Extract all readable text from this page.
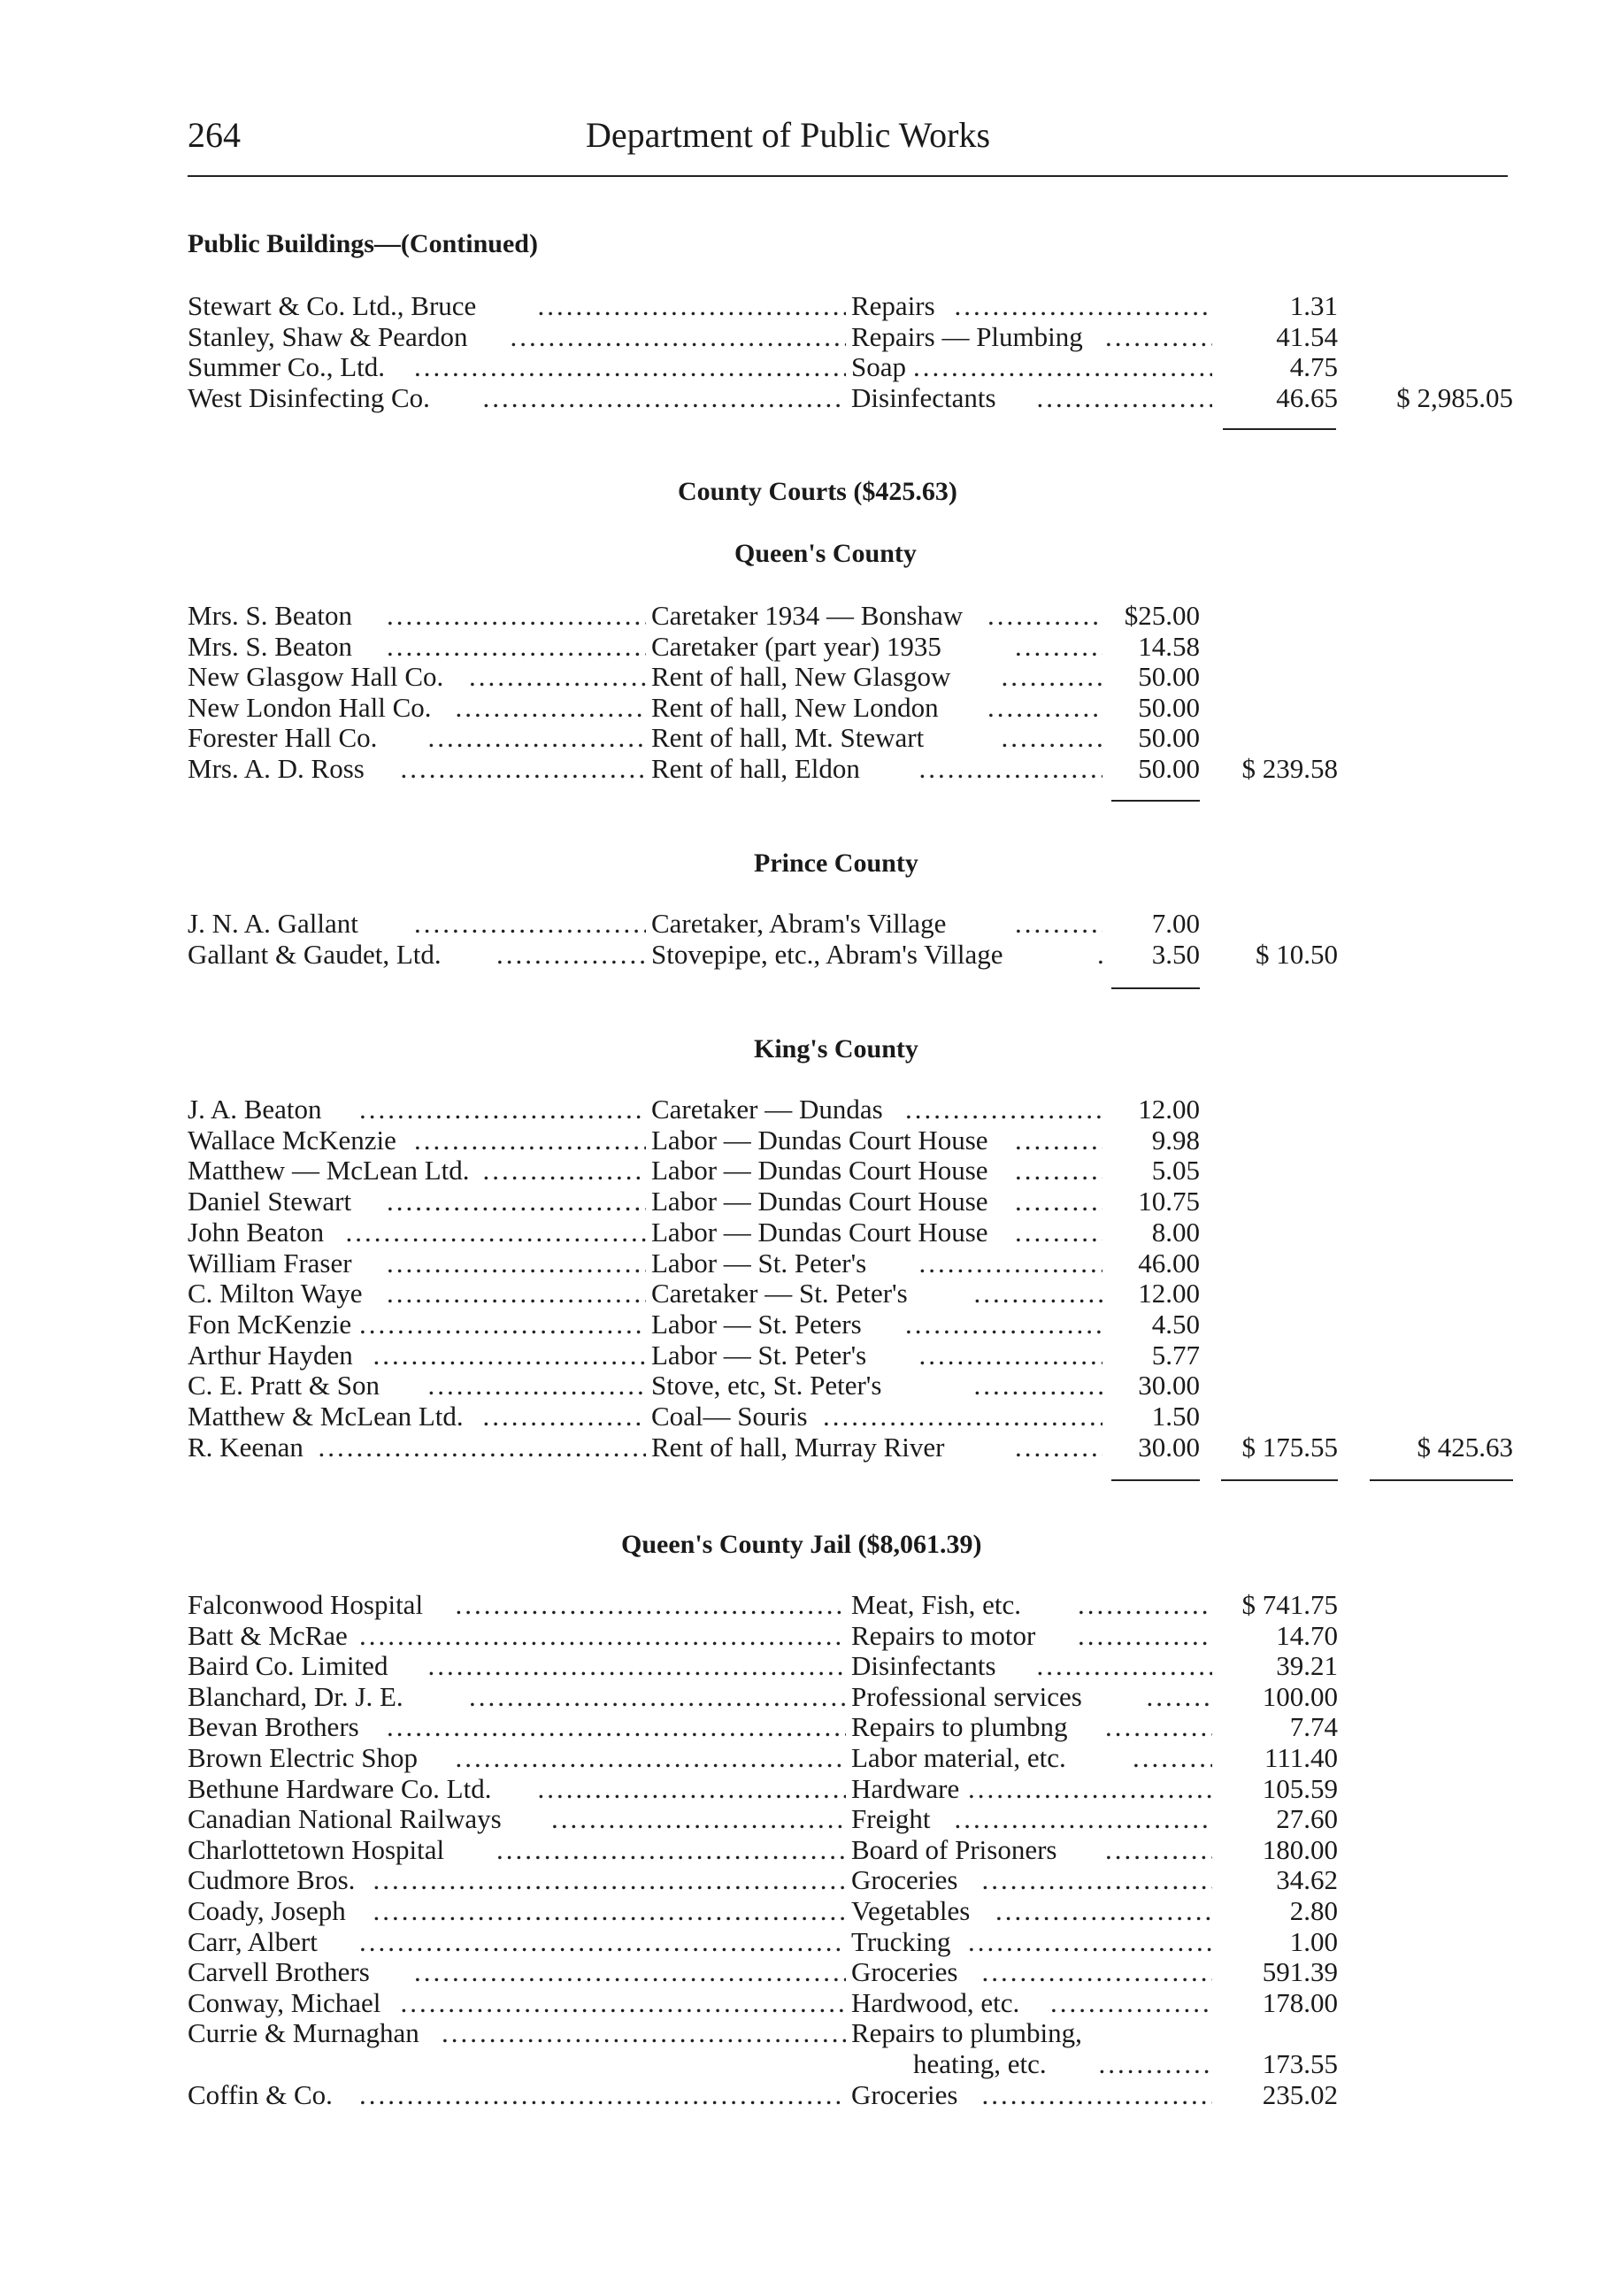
264	Department of Public Works
Public Buildings—(Continued)
Stewart & Co. Ltd., Bruce .....	Repairs .....	1.31
Stanley, Shaw & Peardon .....	Repairs — Plumbing .....	41.54
Summer Co., Ltd. .....	Soap .....	4.75
West Disinfecting Co. .....	Disinfectants .....	46.65	$ 2,985.05
County Courts ($425.63)
Queen's County
Mrs. S. Beaton .....	Caretaker 1934 — Bonshaw .....	$25.00
Mrs. S. Beaton .....	Caretaker (part year) 1935 .....	14.58
New Glasgow Hall Co. .....	Rent of hall, New Glasgow .....	50.00
New London Hall Co. .....	Rent of hall, New London .....	50.00
Forester Hall Co. .....	Rent of hall, Mt. Stewart .....	50.00
Mrs. A. D. Ross .....	Rent of hall, Eldon .....	50.00	$ 239.58
Prince County
J. N. A. Gallant .....	Caretaker, Abram's Village .....	7.00
Gallant & Gaudet, Ltd. .....	Stovepipe, etc., Abram's Village .....	3.50	$ 10.50
King's County
J. A. Beaton .....	Caretaker — Dundas .....	12.00
Wallace McKenzie .....	Labor — Dundas Court House .....	9.98
Matthew — McLean Ltd. .....	Labor — Dundas Court House .....	5.05
Daniel Stewart .....	Labor — Dundas Court House .....	10.75
John Beaton .....	Labor — Dundas Court House .....	8.00
William Fraser .....	Labor — St. Peter's .....	46.00
C. Milton Waye .....	Caretaker — St. Peter's .....	12.00
Fon McKenzie .....	Labor — St. Peters .....	4.50
Arthur Hayden .....	Labor — St. Peter's .....	5.77
C. E. Pratt & Son .....	Stove, etc, St. Peter's .....	30.00
Matthew & McLean Ltd. .....	Coal— Souris .....	1.50
R. Keenan .....	Rent of hall, Murray River .....	30.00	$ 175.55	$ 425.63
Queen's County Jail ($8,061.39)
Falconwood Hospital .....	Meat, Fish, etc. .....	$ 741.75
Batt & McRae .....	Repairs to motor .....	14.70
Baird Co. Limited .....	Disinfectants .....	39.21
Blanchard, Dr. J. E. .....	Professional services .....	100.00
Bevan Brothers .....	Repairs to plumbng .....	7.74
Brown Electric Shop .....	Labor material, etc. .....	111.40
Bethune Hardware Co. Ltd. .....	Hardware .....	105.59
Canadian National Railways .....	Freight .....	27.60
Charlottetown Hospital .....	Board of Prisoners .....	180.00
Cudmore Bros. .....	Groceries .....	34.62
Coady, Joseph .....	Vegetables .....	2.80
Carr, Albert .....	Trucking .....	1.00
Carvell Brothers .....	Groceries .....	591.39
Conway, Michael .....	Hardwood, etc. .....	178.00
Currie & Murnaghan .....	Repairs to plumbing,
heating, etc. .....	173.55
Coffin & Co. .....	Groceries .....	235.02
